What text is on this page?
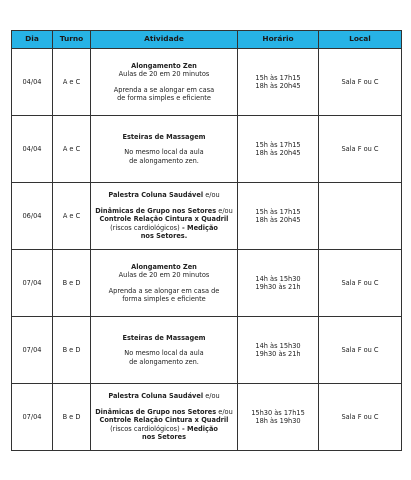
Dia	Turno	Atividade	Horário	Local
04/04	A e C	Alongamento Zen
Aulas de 20 em 20 minutos
Aprenda a se alongar em casa
de forma simples e eficiente	15h às 17h15
18h às 20h45	Sala F ou C
04/04	A e C	Esteiras de Massagem
No mesmo local da aula
de alongamento zen.	15h às 17h15
18h às 20h45	Sala F ou C
06/04	A e C	Palestra Coluna Saudável e/ou
Dinâmicas de Grupo nos Setores e/ou
Controle Relação Cintura x Quadril
(riscos cardiológicos) - Medição
nos Setores.	15h às 17h15
18h às 20h45	

07/04	B e D	Alongamento Zen
Aulas de 20 em 20 minutos
Aprenda a se alongar em casa de
forma simples e eficiente	14h às 15h30
19h30 às 21h	Sala F ou C
07/04	B e D	Esteiras de Massagem
No mesmo local da aula
de alongamento zen.	14h às 15h30
19h30 às 21h	Sala F ou C
07/04	B e D	Palestra Coluna Saudável e/ou
Dinâmicas de Grupo nos Setores e/ou
Controle Relação Cintura x Quadril
(riscos cardiológicos) - Medição
nos Setores	15h30 às 17h15
18h às 19h30	Sala F ou C
